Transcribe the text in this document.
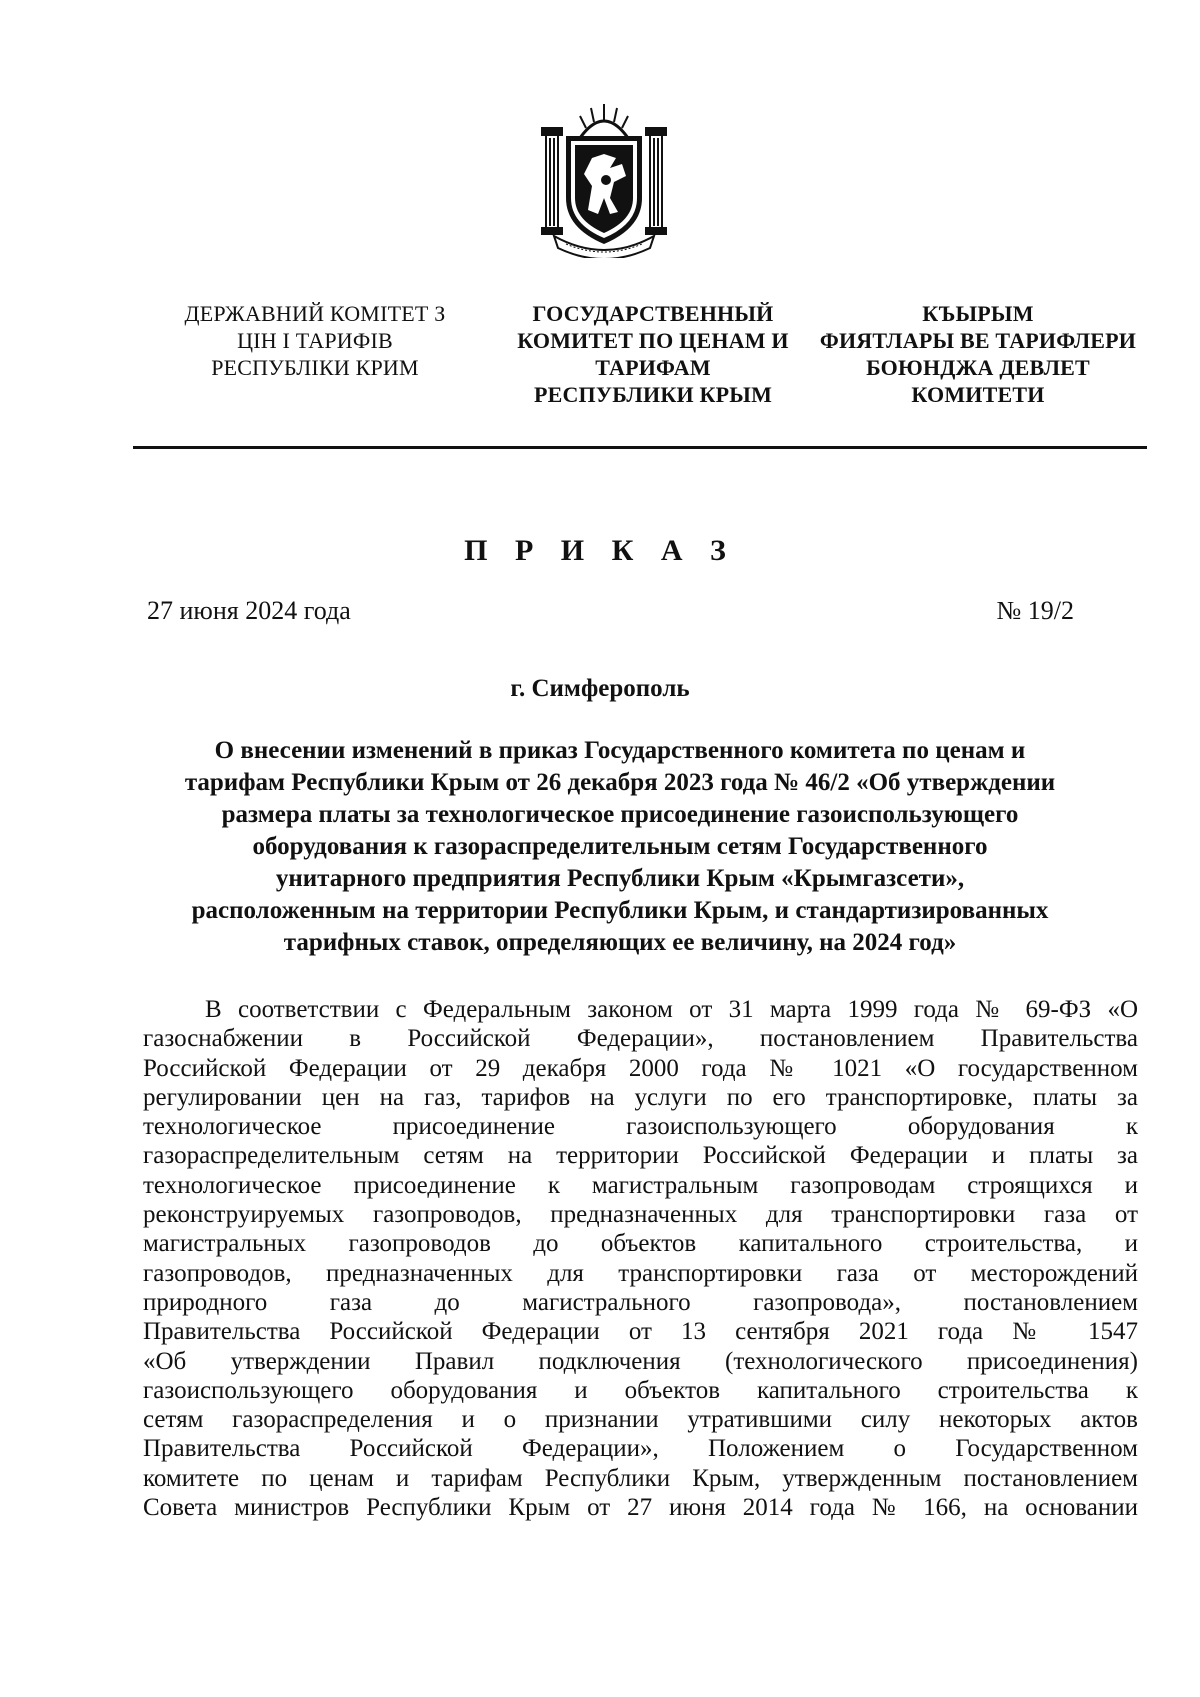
ДЕРЖАВНИЙ КОМІТЕТ З
ЦІН І ТАРИФІВ
РЕСПУБЛІКИ КРИМ
ГОСУДАРСТВЕННЫЙ
КОМИТЕТ ПО ЦЕНАМ И
ТАРИФАМ
РЕСПУБЛИКИ КРЫМ
КЪЫРЫМ
ФИЯТЛАРЫ ВЕ ТАРИФЛЕРИ
БОЮНДЖА ДЕВЛЕТ
КОМИТЕТИ
П Р И К А З
27 июня 2024 года	№ 19/2
г. Симферополь
О внесении изменений в приказ Государственного комитета по ценам и
тарифам Республики Крым от 26 декабря 2023 года № 46/2 «Об утверждении
размера платы за технологическое присоединение газоиспользующего
оборудования к газораспределительным сетям Государственного
унитарного предприятия Республики Крым «Крымгазсети»,
расположенным на территории Республики Крым, и стандартизированных
тарифных ставок, определяющих ее величину, на 2024 год»
В соответствии с Федеральным законом от 31 марта 1999 года № 69-ФЗ «О
газоснабжении в Российской Федерации», постановлением Правительства
Российской Федерации от 29 декабря 2000 года № 1021 «О государственном
регулировании цен на газ, тарифов на услуги по его транспортировке, платы за
технологическое присоединение газоиспользующего оборудования к
газораспределительным сетям на территории Российской Федерации и платы за
технологическое присоединение к магистральным газопроводам строящихся и
реконструируемых газопроводов, предназначенных для транспортировки газа от
магистральных газопроводов до объектов капитального строительства, и
газопроводов, предназначенных для транспортировки газа от месторождений
природного газа до магистрального газопровода», постановлением
Правительства Российской Федерации от 13 сентября 2021 года № 1547
«Об утверждении Правил подключения (технологического присоединения)
газоиспользующего оборудования и объектов капитального строительства к
сетям газораспределения и о признании утратившими силу некоторых актов
Правительства Российской Федерации», Положением о Государственном
комитете по ценам и тарифам Республики Крым, утвержденным постановлением
Совета министров Республики Крым от 27 июня 2014 года № 166, на основании
